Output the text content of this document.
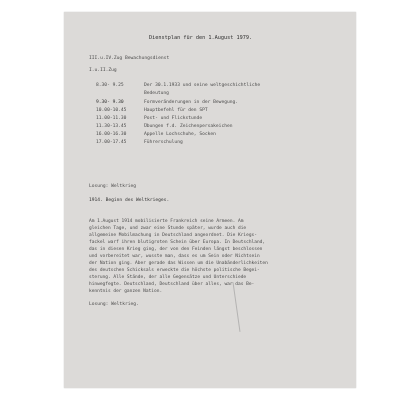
Dienstplan für den 1.August 1979.
III.u.IV.Zug Bewachungsdienst
I.u.II.Zug
8.30- 9.25	Der 30.1.1933 und seine weltgeschichtliche
Bedeutung
9.30- 9.30	Formveränderungen in der Bewegung.
10.00-10.45	Hauptbefehl für den SPT
11.00-11.30	Post- und Flickstunde
11.30-13.45	Übungen f.d. Zeichenpersakeichen
16.00-16.30	Appelle Lochschuhe, Socken
17.00-17.45	Führerschulung
Losung: Weltkrieg
1914. Beginn des Weltkrieges.
Am 1.August 1914 mobilisierte Frankreich seine Armeen. Am
gleichen Tage, und zwar eine Stunde später, wurde auch die
allgemeine Mobilmachung in Deutschland angeordnet. Die Kriegs-
fackel warf ihren blutigroten Schein über Europa. In Deutschland,
das in diesen Krieg ging, der von den Feinden längst beschlossen
und vorbereitet war, wusste man, dass es um Sein oder Nichtsein
der Nation ging. Aber gerade das Wissen um die Unabänderlichkeiten
des deutschen Schicksals erweckte die höchste politische Begei-
sterung. Alle Stände, der alle Gegensätze und Unterschiede
hinwegfegte. Deutschland, Deutschland über alles, war das Be-
kenntnis der ganzen Nation.
Losung: Weltkrieg.
